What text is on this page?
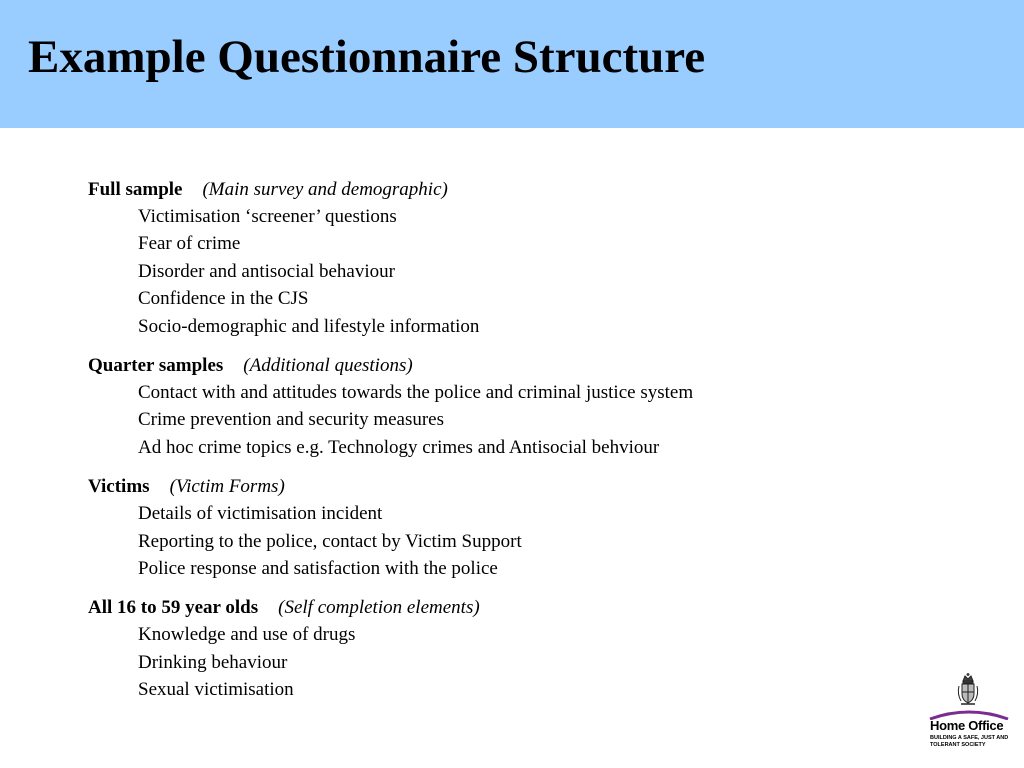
Example Questionnaire Structure
Full sample (Main survey and demographic)
Victimisation ‘screener’ questions
Fear of crime
Disorder and antisocial behaviour
Confidence in the CJS
Socio-demographic and lifestyle information
Quarter samples (Additional questions)
Contact with and attitudes towards the police and criminal justice system
Crime prevention and security measures
Ad hoc crime topics e.g. Technology crimes and Antisocial behviour
Victims (Victim Forms)
Details of victimisation incident
Reporting to the police, contact by Victim Support
Police response and satisfaction with the police
All 16 to 59 year olds (Self completion elements)
Knowledge and use of drugs
Drinking behaviour
Sexual victimisation
Home Office
BUILDING A SAFE, JUST AND TOLERANT SOCIETY
